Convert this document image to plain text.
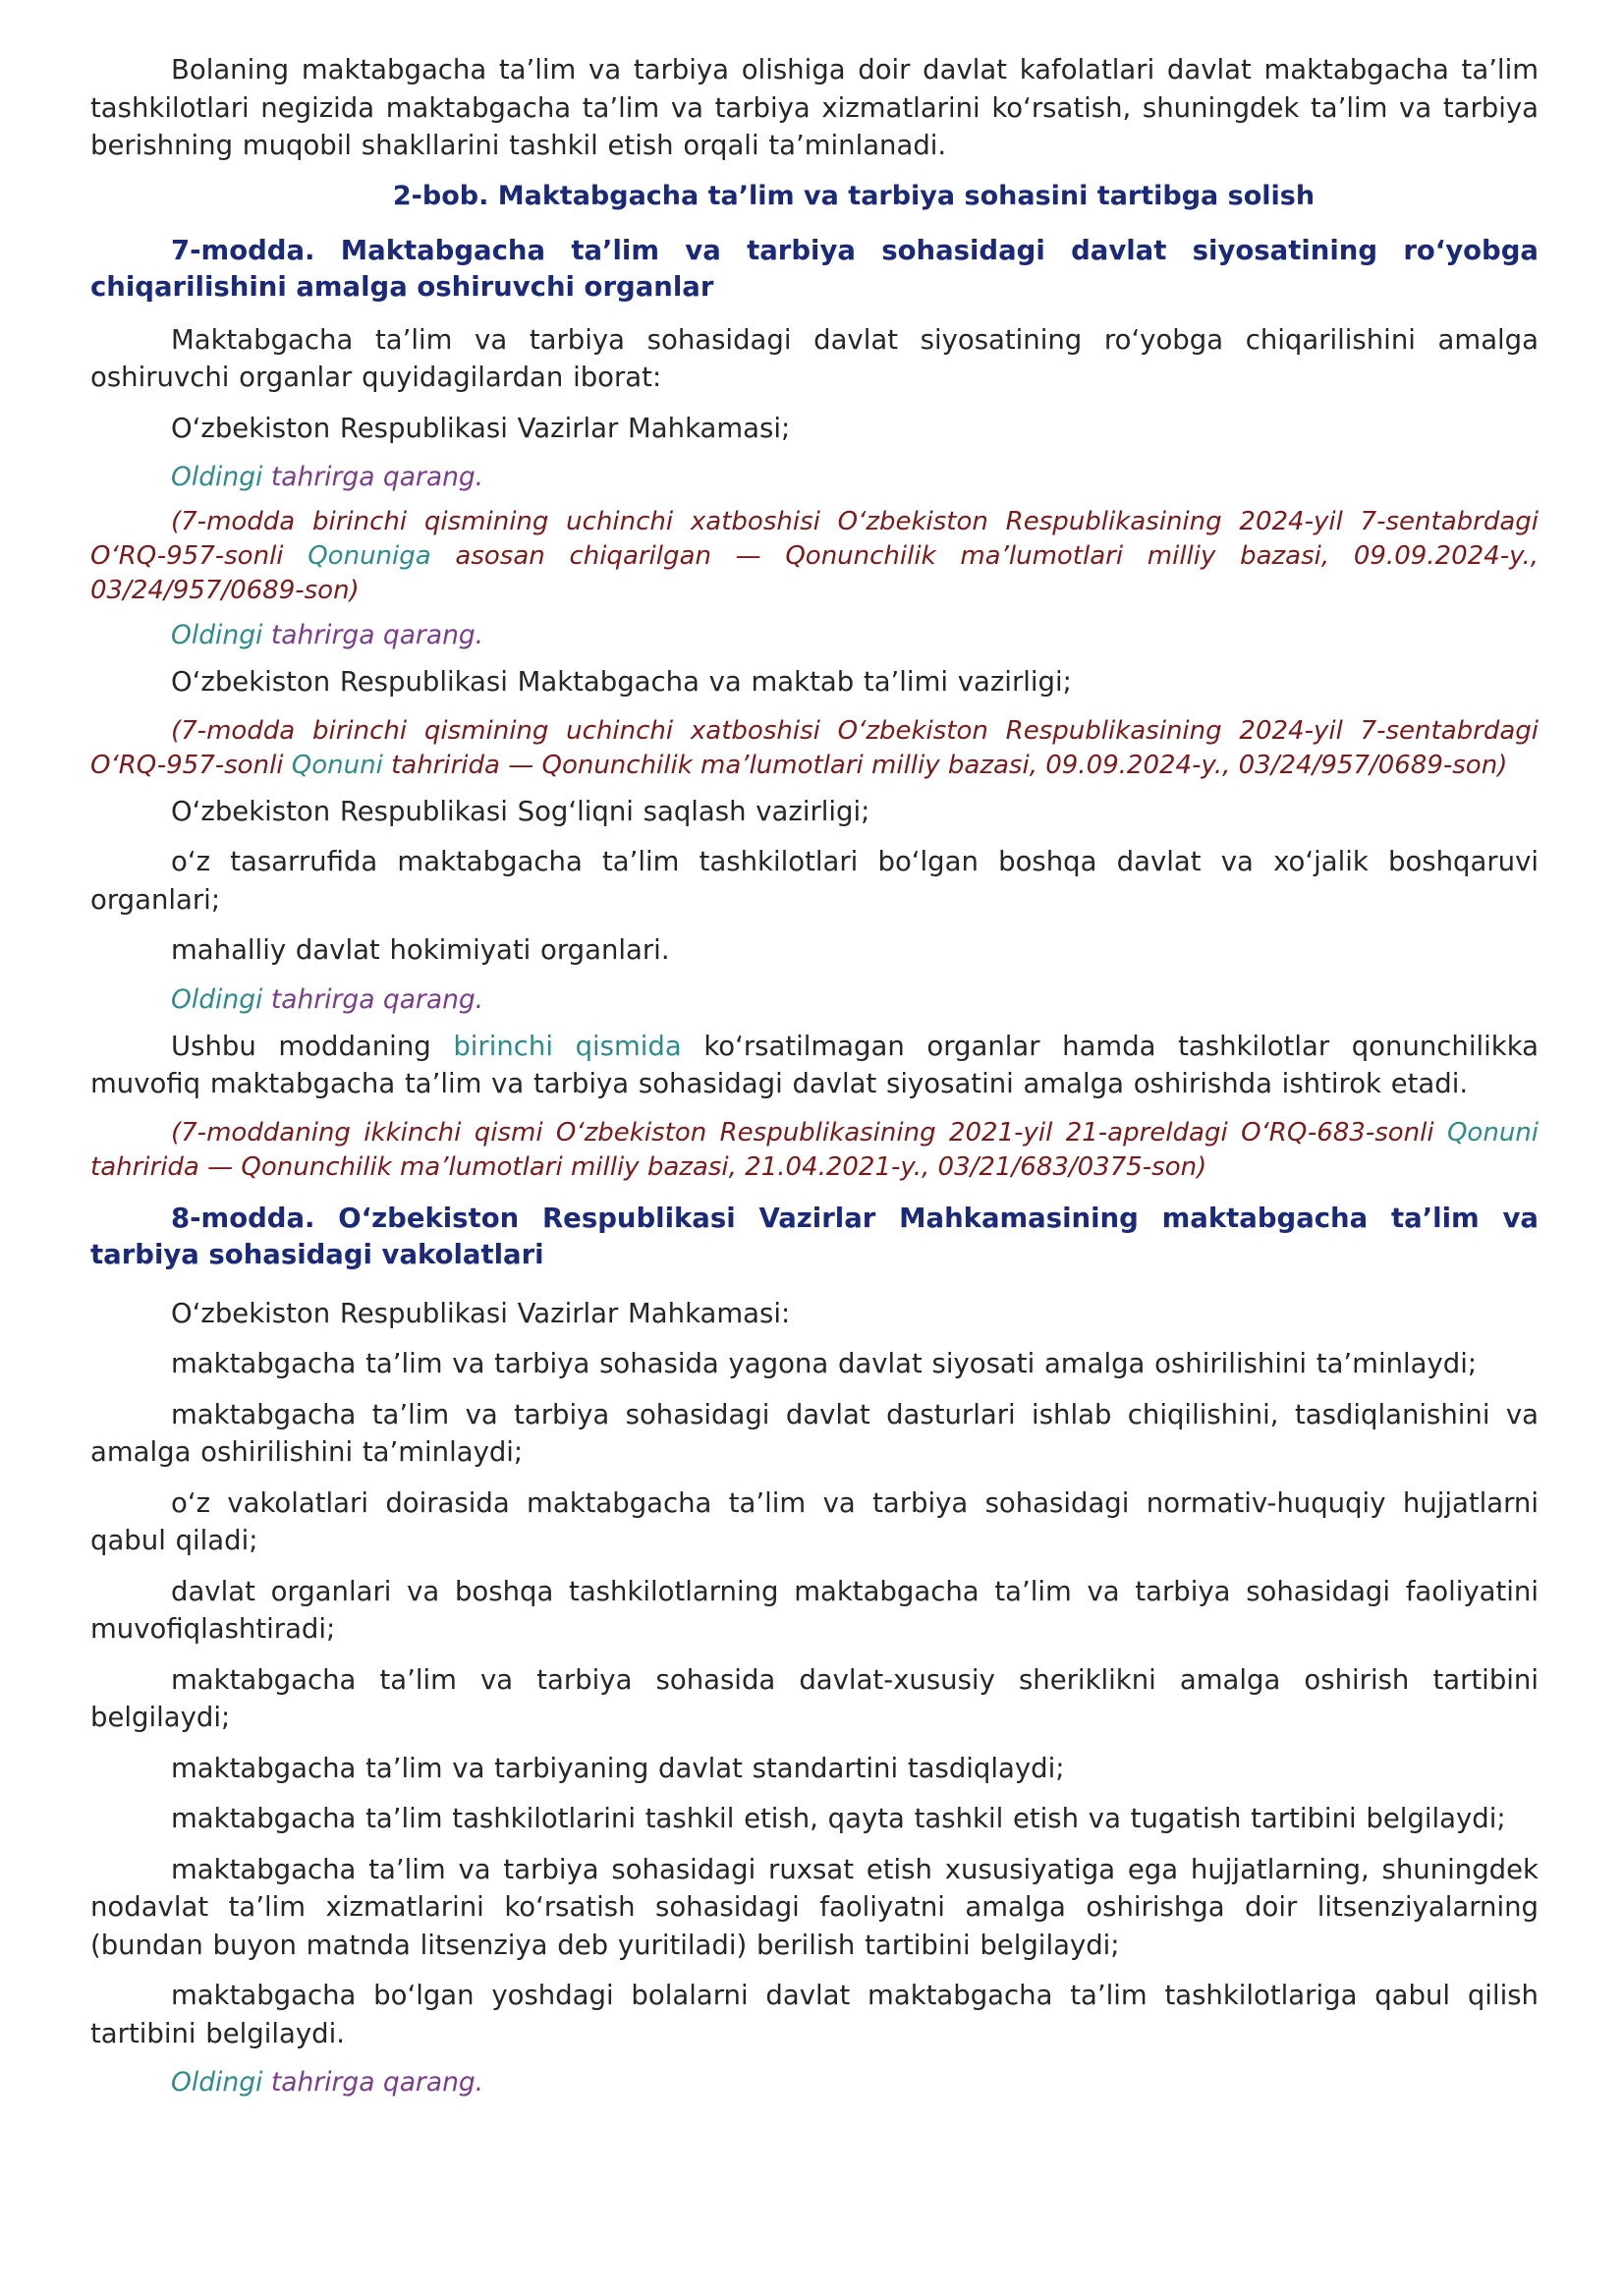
Bolaning maktabgacha ta’lim va tarbiya olishiga doir davlat kafolatlari davlat maktabgacha ta’lim tashkilotlari negizida maktabgacha ta’lim va tarbiya xizmatlarini ko‘rsatish, shuningdek ta’lim va tarbiya berishning muqobil shakllarini tashkil etish orqali ta’minlanadi.

2-bob. Maktabgacha ta’lim va tarbiya sohasini tartibga solish
7-modda. Maktabgacha ta’lim va tarbiya sohasidagi davlat siyosatining ro‘yobga chiqarilishini amalga oshiruvchi organlar

Maktabgacha ta’lim va tarbiya sohasidagi davlat siyosatining ro‘yobga chiqarilishini amalga oshiruvchi organlar quyidagilardan iborat:

O‘zbekiston Respublikasi Vazirlar Mahkamasi;

Oldingi tahrirga qarang.
(7-modda birinchi qismining uchinchi xatboshisi O‘zbekiston Respublikasining 2024-yil 7-sentabrdagi O‘RQ-957-sonli Qonuniga asosan chiqarilgan — Qonunchilik ma’lumotlari milliy bazasi, 09.09.2024-y., 03/24/957/0689-son)
Oldingi tahrirga qarang.

O‘zbekiston Respublikasi Maktabgacha va maktab ta’limi vazirligi;

(7-modda birinchi qismining uchinchi xatboshisi O‘zbekiston Respublikasining 2024-yil 7-sentabrdagi O‘RQ-957-sonli Qonuni tahririda — Qonunchilik ma’lumotlari milliy bazasi, 09.09.2024-y., 03/24/957/0689-son)

O‘zbekiston Respublikasi Sog‘liqni saqlash vazirligi;

o‘z tasarrufida maktabgacha ta’lim tashkilotlari bo‘lgan boshqa davlat va xo‘jalik boshqaruvi organlari;

mahalliy davlat hokimiyati organlari.

Oldingi tahrirga qarang.

Ushbu moddaning birinchi qismida ko‘rsatilmagan organlar hamda tashkilotlar qonunchilikka muvofiq maktabgacha ta’lim va tarbiya sohasidagi davlat siyosatini amalga oshirishda ishtirok etadi.

(7-moddaning ikkinchi qismi O‘zbekiston Respublikasining 2021-yil 21-apreldagi O‘RQ-683-sonli Qonuni tahririda — Qonunchilik ma’lumotlari milliy bazasi, 21.04.2021-y., 03/21/683/0375-son)
8-modda. O‘zbekiston Respublikasi Vazirlar Mahkamasining maktabgacha ta’lim va tarbiya sohasidagi vakolatlari

O‘zbekiston Respublikasi Vazirlar Mahkamasi:

maktabgacha ta’lim va tarbiya sohasida yagona davlat siyosati amalga oshirilishini ta’minlaydi;

maktabgacha ta’lim va tarbiya sohasidagi davlat dasturlari ishlab chiqilishini, tasdiqlanishini va amalga oshirilishini ta’minlaydi;

o‘z vakolatlari doirasida maktabgacha ta’lim va tarbiya sohasidagi normativ-huquqiy hujjatlarni qabul qiladi;

davlat organlari va boshqa tashkilotlarning maktabgacha ta’lim va tarbiya sohasidagi faoliyatini muvofiqlashtiradi;

maktabgacha ta’lim va tarbiya sohasida davlat-xususiy sheriklikni amalga oshirish tartibini belgilaydi;

maktabgacha ta’lim va tarbiyaning davlat standartini tasdiqlaydi;

maktabgacha ta’lim tashkilotlarini tashkil etish, qayta tashkil etish va tugatish tartibini belgilaydi;

maktabgacha ta’lim va tarbiya sohasidagi ruxsat etish xususiyatiga ega hujjatlarning, shuningdek nodavlat ta’lim xizmatlarini ko‘rsatish sohasidagi faoliyatni amalga oshirishga doir litsenziyalarning (bundan buyon matnda litsenziya deb yuritiladi) berilish tartibini belgilaydi;

maktabgacha bo‘lgan yoshdagi bolalarni davlat maktabgacha ta’lim tashkilotlariga qabul qilish tartibini belgilaydi.

Oldingi tahrirga qarang.
